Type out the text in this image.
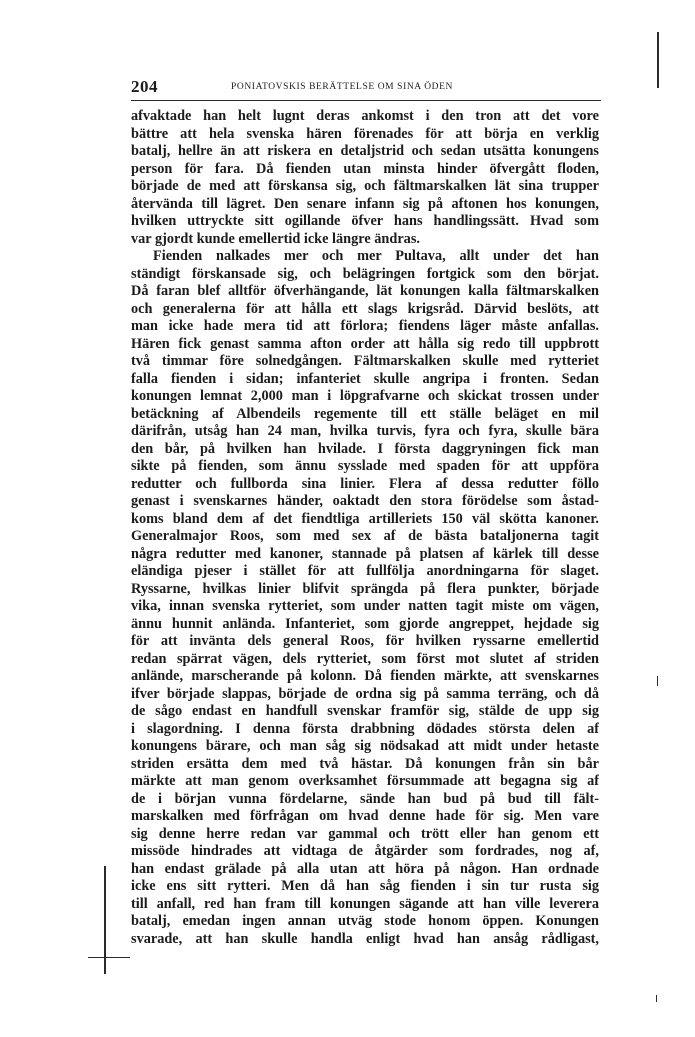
204	PONIATOVSKIS BERÄTTELSE OM SINA ÖDEN
afvaktade han helt lugnt deras ankomst i den tron att det vore
bättre att hela svenska hären förenades för att börja en verklig
batalj, hellre än att riskera en detaljstrid och sedan utsätta konungens
person för fara. Då fienden utan minsta hinder öfvergått floden,
började de med att förskansa sig, och fältmarskalken lät sina trupper
återvända till lägret. Den senare infann sig på aftonen hos konungen,
hvilken uttryckte sitt ogillande öfver hans handlingssätt. Hvad som
var gjordt kunde emellertid icke längre ändras.
Fienden nalkades mer och mer Pultava, allt under det han
ständigt förskansade sig, och belägringen fortgick som den börjat.
Då faran blef alltför öfverhängande, lät konungen kalla fältmarskalken
och generalerna för att hålla ett slags krigsråd. Därvid beslöts, att
man icke hade mera tid att förlora; fiendens läger måste anfallas.
Hären fick genast samma afton order att hålla sig redo till uppbrott
två timmar före solnedgången. Fältmarskalken skulle med rytteriet
falla fienden i sidan; infanteriet skulle angripa i fronten. Sedan
konungen lemnat 2,000 man i löpgrafvarne och skickat trossen under
betäckning af Albendeils regemente till ett ställe beläget en mil
därifrån, utsåg han 24 man, hvilka turvis, fyra och fyra, skulle bära
den bår, på hvilken han hvilade. I första daggryningen fick man
sikte på fienden, som ännu sysslade med spaden för att uppföra
redutter och fullborda sina linier. Flera af dessa redutter föllo
genast i svenskarnes händer, oaktadt den stora förödelse som åstad-
koms bland dem af det fiendtliga artilleriets 150 väl skötta kanoner.
Generalmajor Roos, som med sex af de bästa bataljonerna tagit
några redutter med kanoner, stannade på platsen af kärlek till desse
eländiga pjeser i stället för att fullfölja anordningarna för slaget.
Ryssarne, hvilkas linier blifvit sprängda på flera punkter, började
vika, innan svenska rytteriet, som under natten tagit miste om vägen,
ännu hunnit anlända. Infanteriet, som gjorde angreppet, hejdade sig
för att invänta dels general Roos, för hvilken ryssarne emellertid
redan spärrat vägen, dels rytteriet, som först mot slutet af striden
anlände, marscherande på kolonn. Då fienden märkte, att svenskarnes
ifver började slappas, började de ordna sig på samma terräng, och då
de sågo endast en handfull svenskar framför sig, stälde de upp sig
i slagordning. I denna första drabbning dödades största delen af
konungens bärare, och man såg sig nödsakad att midt under hetaste
striden ersätta dem med två hästar. Då konungen från sin bår
märkte att man genom overksamhet försummade att begagna sig af
de i början vunna fördelarne, sände han bud på bud till fält-
marskalken med förfrågan om hvad denne hade för sig. Men vare
sig denne herre redan var gammal och trött eller han genom ett
missöde hindrades att vidtaga de åtgärder som fordrades, nog af,
han endast grälade på alla utan att höra på någon. Han ordnade
icke ens sitt rytteri. Men då han såg fienden i sin tur rusta sig
till anfall, red han fram till konungen sägande att han ville leverera
batalj, emedan ingen annan utväg stode honom öppen. Konungen
svarade, att han skulle handla enligt hvad han ansåg rådligast,
